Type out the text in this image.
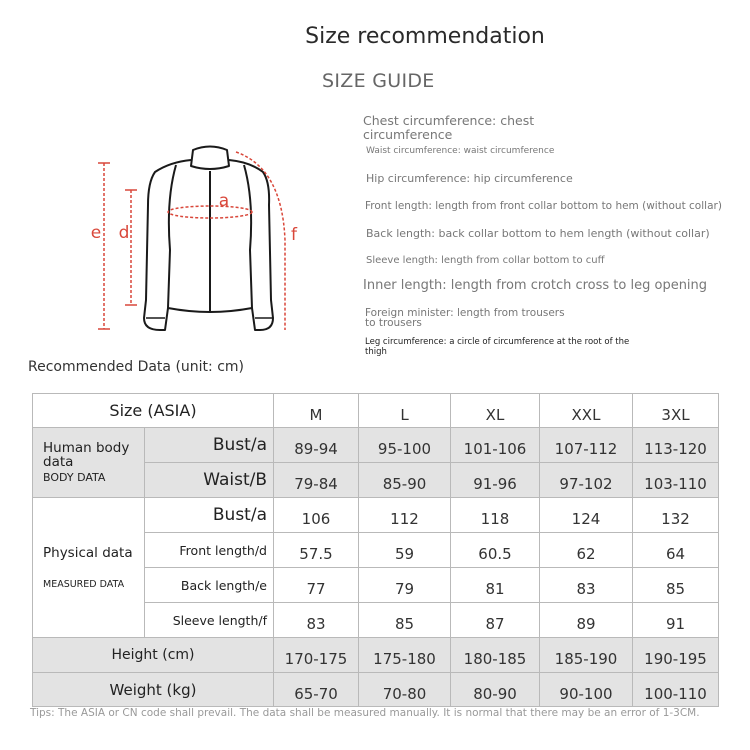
Size recommendation
SIZE GUIDE
a
e d	f
Chest circumference: chest circumference
Waist circumference: waist circumference
Hip circumference: hip circumference
Front length: length from front collar bottom to hem (without collar)
Back length: back collar bottom to hem length (without collar)
Sleeve length: length from collar bottom to cuff
Inner length: length from crotch cross to leg opening
Foreign minister: length from trousers to trousers
Leg circumference: a circle of circumference at the root of the thigh
Recommended Data (unit: cm)
Size (ASIA)		M	L	XL	XXL	3XL

Human body data
BODY DATA	Bust/a	89-94	95-100	101-106	107-112	113-120
	Waist/B	79-84	85-90	91-96	97-102	103-110

Physical data
MEASURED DATA	Bust/a	106	112	118	124	132
	Front length/d	57.5	59	60.5	62	64
	Back length/e	77	79	81	83	85
	Sleeve length/f	83	85	87	89	91
Height (cm)		170-175	175-180	180-185	185-190	190-195
Weight (kg)		65-70	70-80	80-90	90-100	100-110
Tips: The ASIA or CN code shall prevail. The data shall be measured manually. It is normal that there may be an error of 1-3CM.
